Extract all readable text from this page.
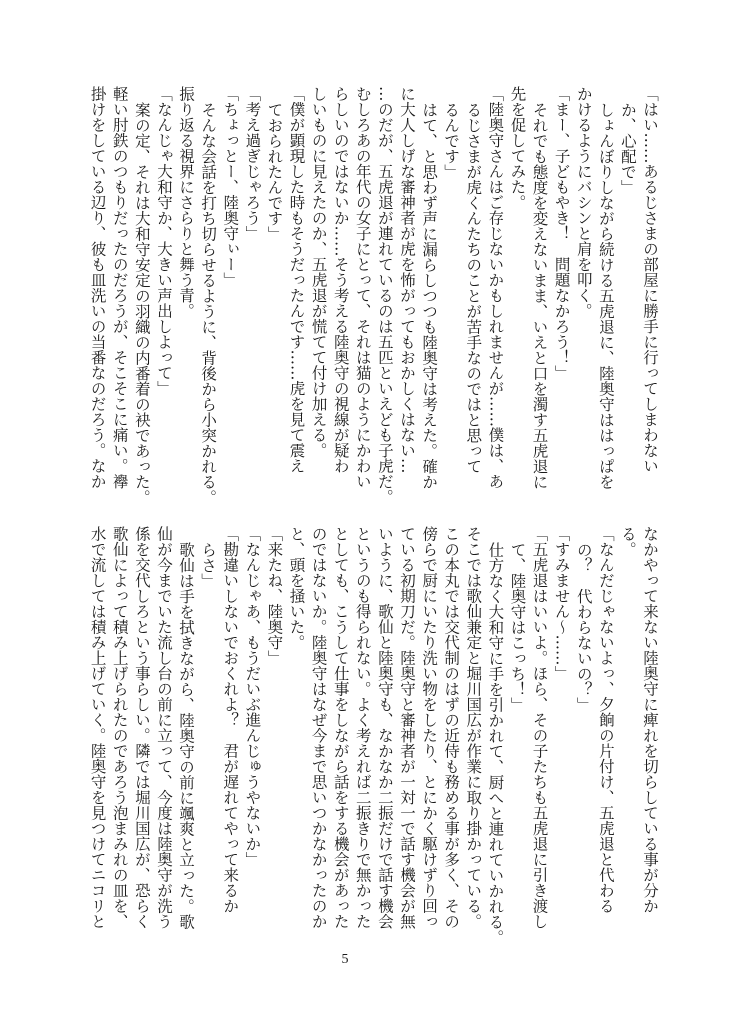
「はい……あるじさまの部屋に勝手に行ってしまわない
か、心配で」
しょんぼりしながら続ける五虎退に、陸奥守ははっぱを
かけるようにバシンと肩を叩く。
「まー、子どもやき！　問題なかろう！」
それでも態度を変えないまま、いえと口を濁す五虎退に
先を促してみた。
「陸奥守さんはご存じないかもしれませんが……僕は、あ
るじさまが虎くんたちのことが苦手なのではと思って
るんです」
はて、と思わず声に漏らしつつも陸奥守は考えた。確か
に大人しげな審神者が虎を怖がってもおかしくはない…
…のだが、五虎退が連れているのは五匹といえども子虎だ。
むしろあの年代の女子にとって、それは猫のようにかわい
らしいのではないか……そう考える陸奥守の視線が疑わ
しいものに見えたのか、五虎退が慌てて付け加える。
「僕が顕現した時もそうだったんです……虎を見て震え
ておられたんです」
「考え過ぎじゃろう」
「ちょっとー、陸奥守ぃー」
そんな会話を打ち切らせるように、背後から小突かれる。
振り返る視界にさらりと舞う青。
「なんじゃ大和守か、大きい声出しよって」
案の定、それは大和守安定の羽織の内番着の袂であった。
軽い肘鉄のつもりだったのだろうが、そこそこに痛い。襷
掛けをしている辺り、彼も皿洗いの当番なのだろう。なか
なかやって来ない陸奥守に痺れを切らしている事が分か
る。
「なんだじゃないよっ、夕餉の片付け、五虎退と代わる
の？　代わらないの？」
「すみません～……」
「五虎退はいいよ。ほら、その子たちも五虎退に引き渡し
て、陸奥守はこっち！」
仕方なく大和守に手を引かれて、厨へと連れていかれる。
そこでは歌仙兼定と堀川国広が作業に取り掛かっている。
この本丸では交代制のはずの近侍も務める事が多く、その
傍らで厨にいたり洗い物をしたり、とにかく駆けずり回っ
ている初期刀だ。陸奥守と審神者が一対一で話す機会が無
いように、歌仙と陸奥守も、なかなか二振だけで話す機会
というのも得られない。よく考えれば二振きりで無かった
としても、こうして仕事をしながら話をする機会があった
のではないか。陸奥守はなぜ今まで思いつかなかったのか
と、頭を掻いた。
「来たね、陸奥守」
「なんじゃあ、もうだいぶ進んじゅうやないか」
「勘違いしないでおくれよ？　君が遅れてやって来るか
らさ」
歌仙は手を拭きながら、陸奥守の前に颯爽と立った。歌
仙が今までいた流し台の前に立って、今度は陸奥守が洗う
係を交代しろという事らしい。隣では堀川国広が、恐らく
歌仙によって積み上げられたのであろう泡まみれの皿を、
水で流しては積み上げていく。陸奥守を見つけてニコリと
5
